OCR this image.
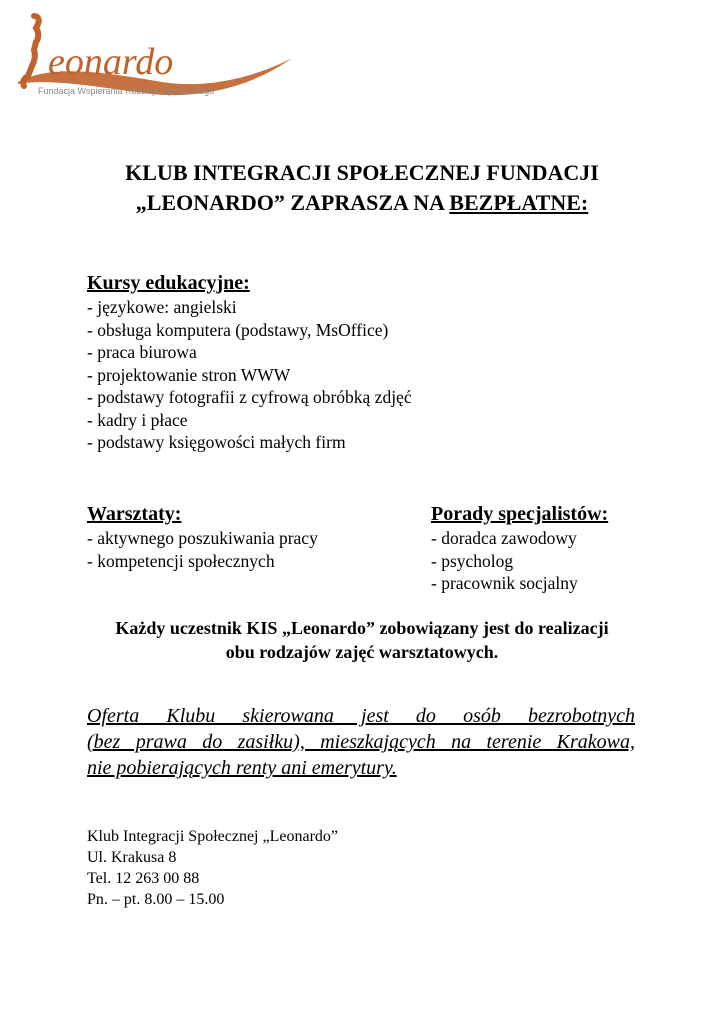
eonardo
Fundacja Wspierania Rozwoju Społecznego
KLUB INTEGRACJI SPOŁECZNEJ FUNDACJI
„LEONARDO” ZAPRASZA NA BEZPŁATNE:
Kursy edukacyjne:
- językowe: angielski
- obsługa komputera (podstawy, MsOffice)
- praca biurowa
- projektowanie stron WWW
- podstawy fotografii z cyfrową obróbką zdjęć
- kadry i płace
- podstawy księgowości małych firm
Warsztaty:
- aktywnego poszukiwania pracy
- kompetencji społecznych
Porady specjalistów:
- doradca zawodowy
- psycholog
- pracownik socjalny
Każdy uczestnik KIS „Leonardo” zobowiązany jest do realizacji
obu rodzajów zajęć warsztatowych.
Oferta Klubu skierowana jest do osób bezrobotnych
(bez prawa do zasiłku), mieszkających na terenie Krakowa,
nie pobierających renty ani emerytury.
Klub Integracji Społecznej „Leonardo”
Ul. Krakusa 8
Tel. 12 263 00 88
Pn. – pt. 8.00 – 15.00
